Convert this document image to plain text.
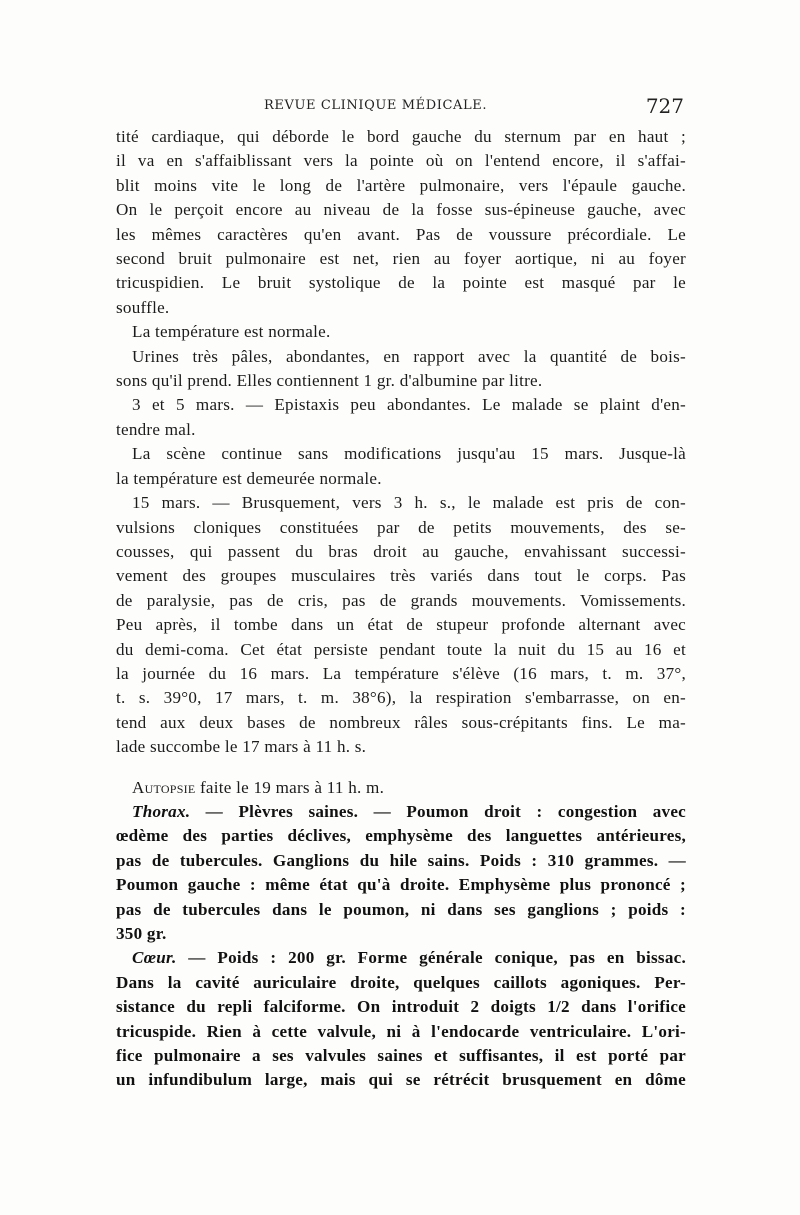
REVUE CLINIQUE MÉDICALE.	727
tité cardiaque, qui déborde le bord gauche du sternum par en haut ;
il va en s'affaiblissant vers la pointe où on l'entend encore, il s'affai-
blit moins vite le long de l'artère pulmonaire, vers l'épaule gauche.
On le perçoit encore au niveau de la fosse sus-épineuse gauche, avec
les mêmes caractères qu'en avant. Pas de voussure précordiale. Le
second bruit pulmonaire est net, rien au foyer aortique, ni au foyer
tricuspidien. Le bruit systolique de la pointe est masqué par le
souffle.
La température est normale.
Urines très pâles, abondantes, en rapport avec la quantité de bois-
sons qu'il prend. Elles contiennent 1 gr. d'albumine par litre.
3 et 5 mars. — Epistaxis peu abondantes. Le malade se plaint d'en-
tendre mal.
La scène continue sans modifications jusqu'au 15 mars. Jusque-là
la température est demeurée normale.
15 mars. — Brusquement, vers 3 h. s., le malade est pris de con-
vulsions cloniques constituées par de petits mouvements, des se-
cousses, qui passent du bras droit au gauche, envahissant successi-
vement des groupes musculaires très variés dans tout le corps. Pas
de paralysie, pas de cris, pas de grands mouvements. Vomissements.
Peu après, il tombe dans un état de stupeur profonde alternant avec
du demi-coma. Cet état persiste pendant toute la nuit du 15 au 16 et
la journée du 16 mars. La température s'élève (16 mars, t. m. 37°,
t. s. 39°0, 17 mars, t. m. 38°6), la respiration s'embarrasse, on en-
tend aux deux bases de nombreux râles sous-crépitants fins. Le ma-
lade succombe le 17 mars à 11 h. s.
Autopsie faite le 19 mars à 11 h. m.
Thorax. — Plèvres saines. — Poumon droit : congestion avec
œdème des parties déclives, emphysème des languettes antérieures,
pas de tubercules. Ganglions du hile sains. Poids : 310 grammes. —
Poumon gauche : même état qu'à droite. Emphysème plus prononcé ;
pas de tubercules dans le poumon, ni dans ses ganglions ; poids :
350 gr.
Cœur. — Poids : 200 gr. Forme générale conique, pas en bissac.
Dans la cavité auriculaire droite, quelques caillots agoniques. Per-
sistance du repli falciforme. On introduit 2 doigts 1/2 dans l'orifice
tricuspide. Rien à cette valvule, ni à l'endocarde ventriculaire. L'ori-
fice pulmonaire a ses valvules saines et suffisantes, il est porté par
un infundibulum large, mais qui se rétrécit brusquement en dôme
